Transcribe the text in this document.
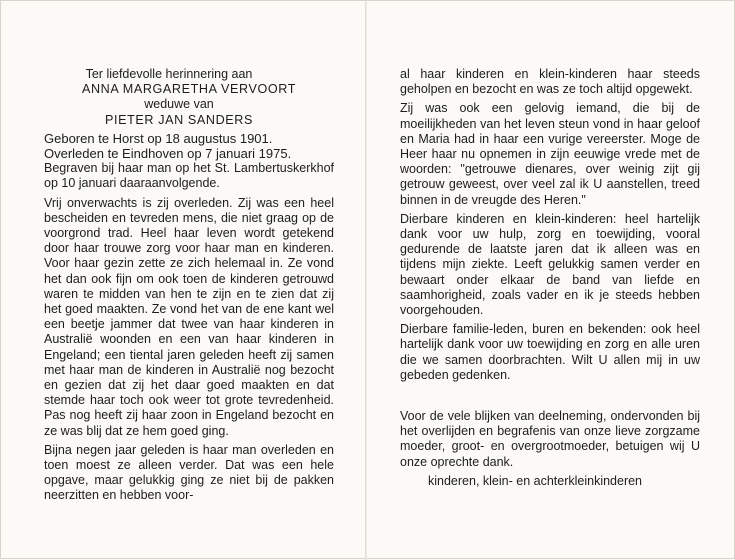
Ter liefdevolle herinnering aan
ANNA MARGARETHA VERVOORT
weduwe van
PIETER JAN SANDERS
Geboren te Horst op 18 augustus 1901.
Overleden te Eindhoven op 7 januari 1975.

Begraven bij haar man op het St. Lambertuskerkhof op 10 januari daaraanvolgende.

Vrij onverwachts is zij overleden. Zij was een heel bescheiden en tevreden mens, die niet graag op de voorgrond trad. Heel haar leven wordt getekend door haar trouwe zorg voor haar man en kinderen. Voor haar gezin zette ze zich helemaal in. Ze vond het dan ook fijn om ook toen de kinderen getrouwd waren te midden van hen te zijn en te zien dat zij het goed maakten. Ze vond het van de ene kant wel een beetje jammer dat twee van haar kinderen in Australië woonden en een van haar kinderen in Engeland; een tiental jaren geleden heeft zij samen met haar man de kinderen in Australië nog bezocht en gezien dat zij het daar goed maakten en dat stemde haar toch ook weer tot grote tevredenheid. Pas nog heeft zij haar zoon in Engeland bezocht en ze was blij dat ze hem goed ging.

Bijna negen jaar geleden is haar man overleden en toen moest ze alleen verder. Dat was een hele opgave, maar gelukkig ging ze niet bij de pakken neerzitten en hebben voor-

al haar kinderen en klein-kinderen haar steeds geholpen en bezocht en was ze toch altijd opgewekt.

Zij was ook een gelovig iemand, die bij de moeilijkheden van het leven steun vond in haar geloof en Maria had in haar een vurige vereerster. Moge de Heer haar nu opnemen in zijn eeuwige vrede met de woorden: "getrouwe dienares, over weinig zijt gij getrouw geweest, over veel zal ik U aanstellen, treed binnen in de vreugde des Heren."

Dierbare kinderen en klein-kinderen: heel hartelijk dank voor uw hulp, zorg en toewijding, vooral gedurende de laatste jaren dat ik alleen was en tijdens mijn ziekte. Leeft gelukkig samen verder en bewaart onder elkaar de band van liefde en saamhorigheid, zoals vader en ik je steeds hebben voorgehouden.

Dierbare familie-leden, buren en bekenden: ook heel hartelijk dank voor uw toewijding en zorg en alle uren die we samen doorbrachten. Wilt U allen mij in uw gebeden gedenken.

Voor de vele blijken van deelneming, ondervonden bij het overlijden en begrafenis van onze lieve zorgzame moeder, groot- en overgrootmoeder, betuigen wij U onze oprechte dank.

kinderen, klein- en achterkleinkinderen
